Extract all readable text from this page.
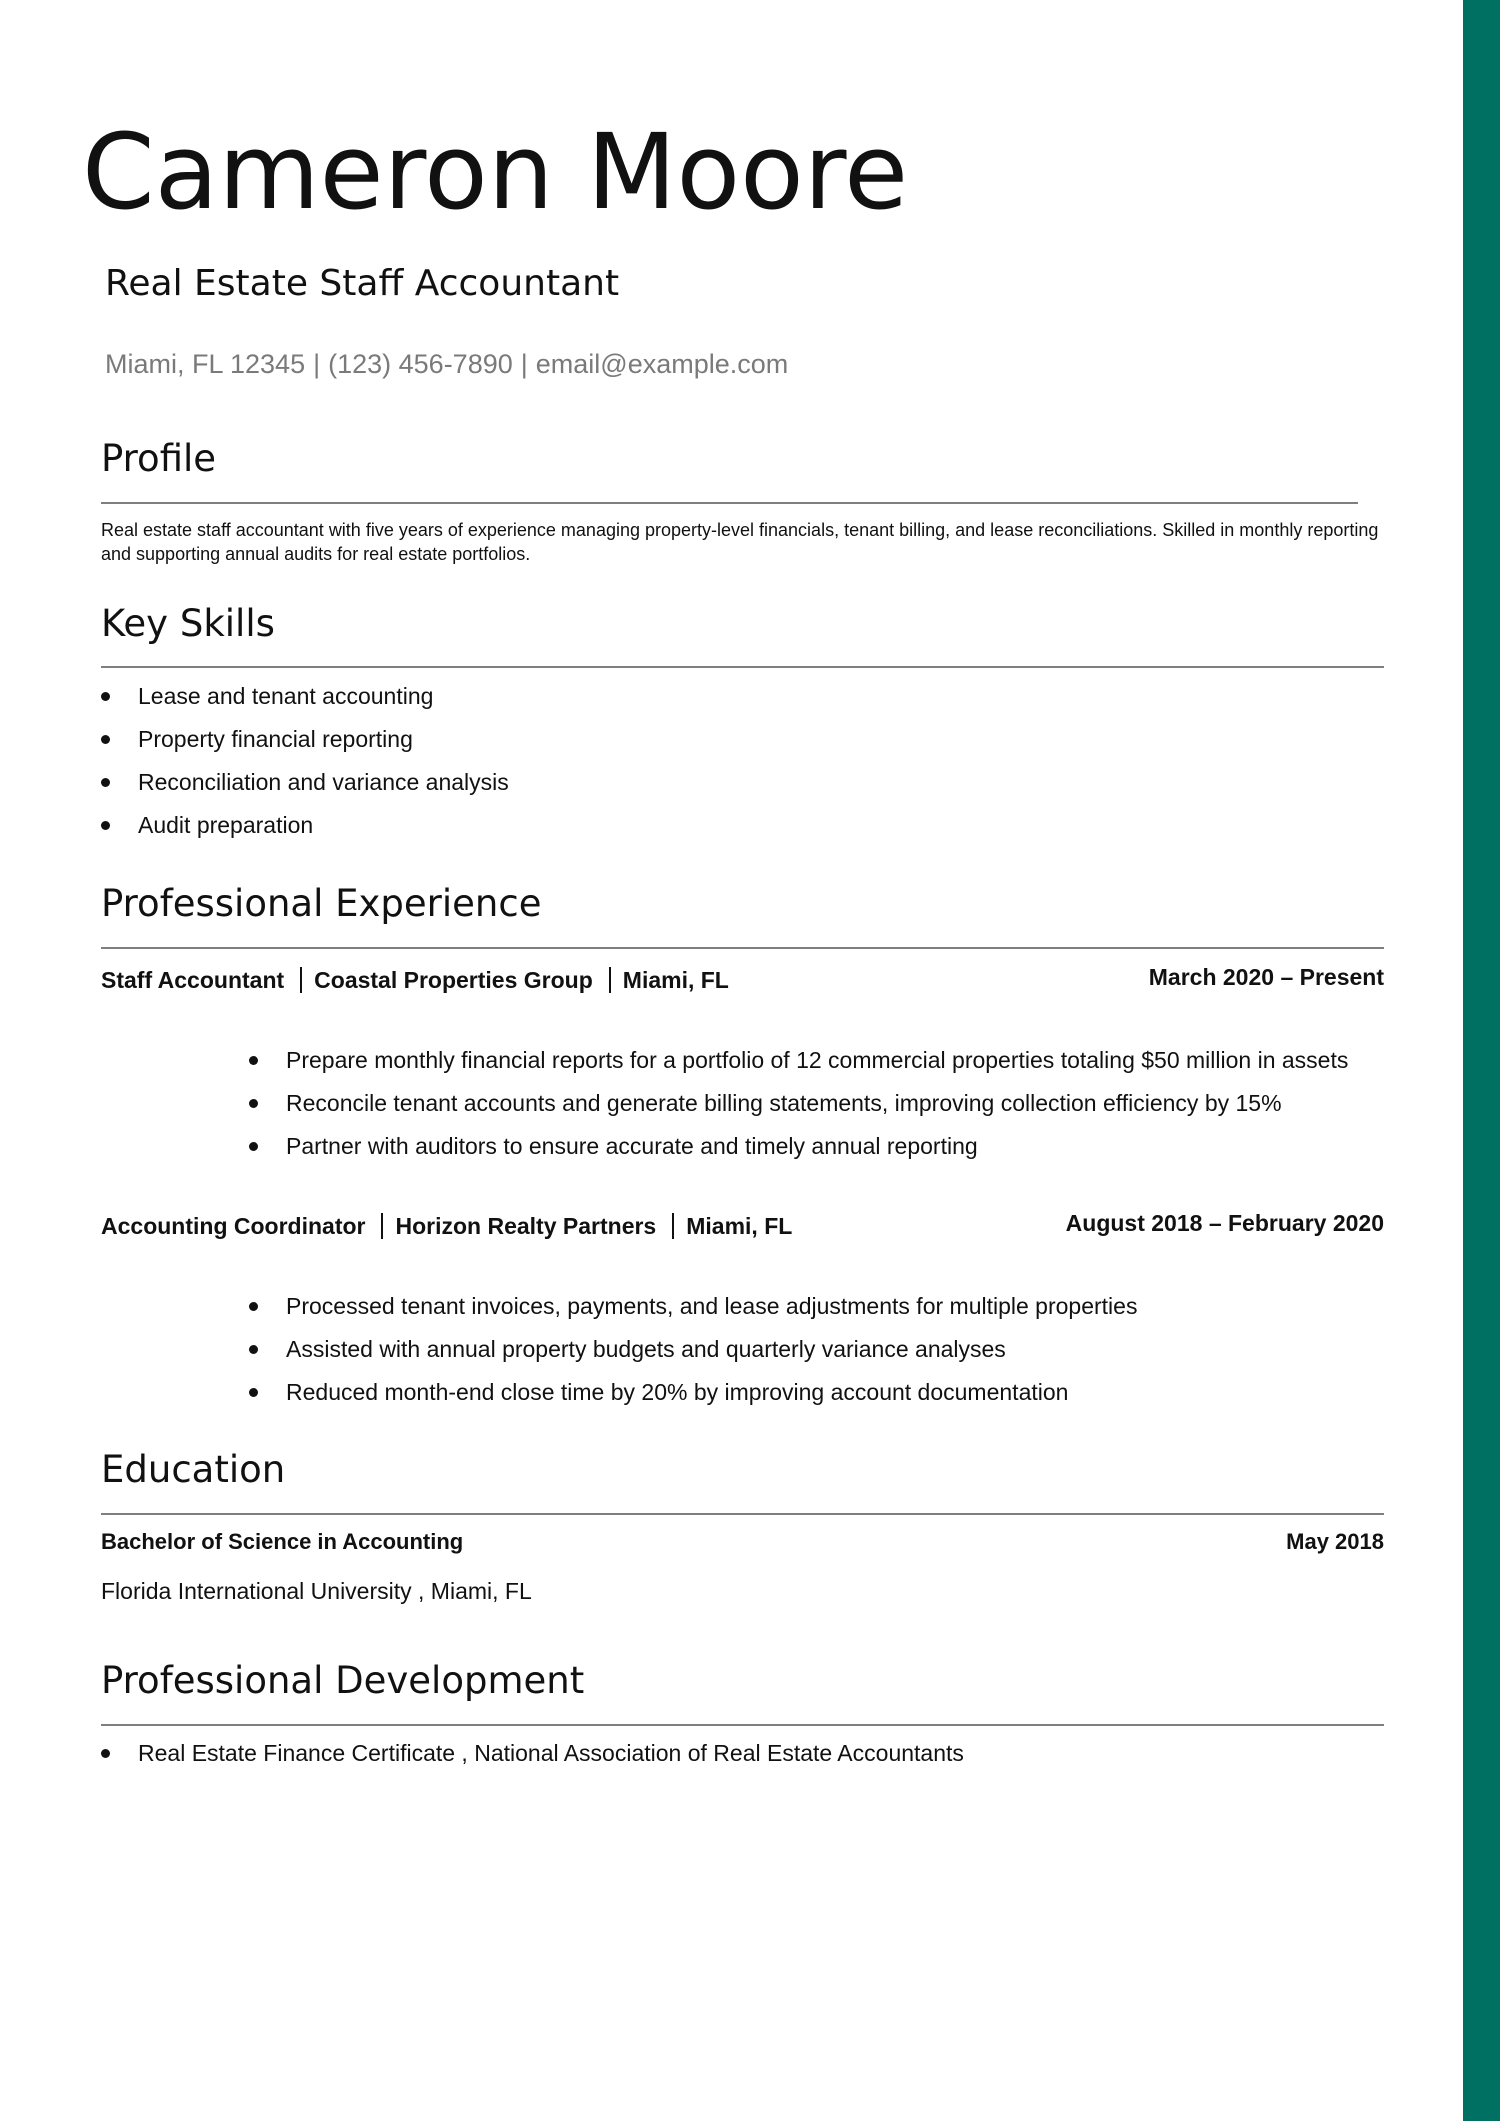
Cameron Moore
Real Estate Staff Accountant
Miami, FL 12345 | (123) 456-7890 | email@example.com
Profile

Real estate staff accountant with five years of experience managing property-level financials, tenant billing, and lease reconciliations. Skilled in monthly reporting and supporting annual audits for real estate portfolios.

Key Skills
Lease and tenant accounting
Property financial reporting
Reconciliation and variance analysis
Audit preparation
Professional Experience
Staff Accountant Coastal Properties Group Miami, FL	March 2020 – Present
Prepare monthly financial reports for a portfolio of 12 commercial properties totaling $50 million in assets
Reconcile tenant accounts and generate billing statements, improving collection efficiency by 15%
Partner with auditors to ensure accurate and timely annual reporting
Accounting Coordinator Horizon Realty Partners Miami, FL	August 2018 – February 2020
Processed tenant invoices, payments, and lease adjustments for multiple properties
Assisted with annual property budgets and quarterly variance analyses
Reduced month-end close time by 20% by improving account documentation
Education
Bachelor of Science in Accounting	May 2018
Florida International University , Miami, FL
Professional Development
Real Estate Finance Certificate , National Association of Real Estate Accountants
